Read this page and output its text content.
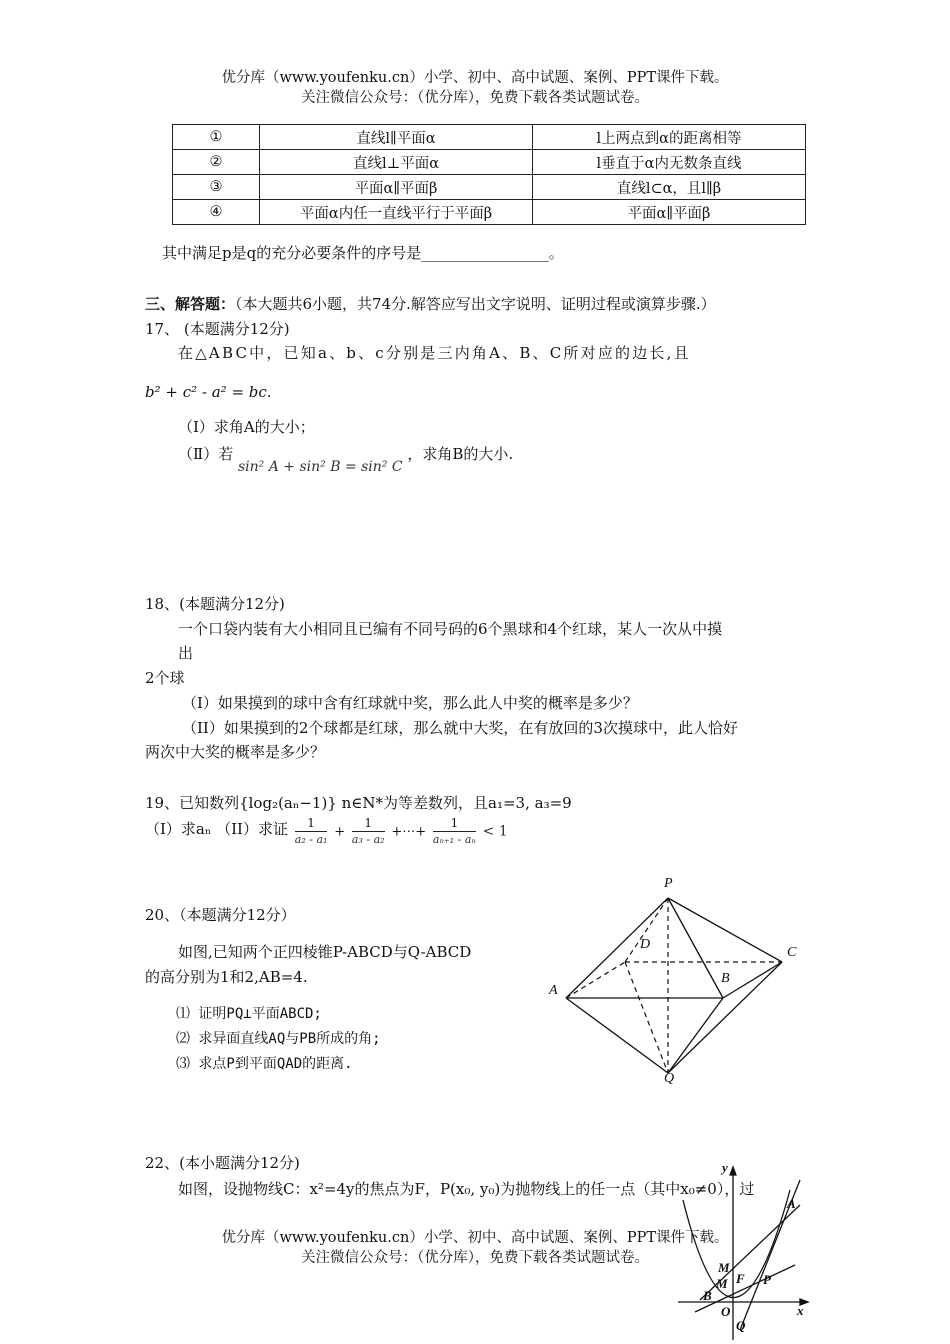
优分库（www.youfenku.cn）小学、初中、高中试题、案例、PPT课件下载。
关注微信公众号：（优分库），免费下载各类试题试卷。
①	直线l∥平面α	l上两点到α的距离相等
②	直线l⊥平面α	l垂直于α内无数条直线
③	平面α∥平面β	直线l⊂α，且l∥β
④	平面α内任一直线平行于平面β	平面α∥平面β
其中满足p是q的充分必要条件的序号是_________________。
三、解答题：（本大题共6小题，共74分.解答应写出文字说明、证明过程或演算步骤.）
17、 (本题满分12分)
在△ABC中，已知a、b、c分别是三内角A、B、C所对应的边长,且
b² + c² - a² = bc.
（Ⅰ）求角A的大小；
（Ⅱ）若 sin² A + sin² B = sin² C ，求角B的大小.
18、(本题满分12分)
一个口袋内装有大小相同且已编有不同号码的6个黑球和4个红球，某人一次从中摸
出
2个球
（I）如果摸到的球中含有红球就中奖，那么此人中奖的概率是多少？
（II）如果摸到的2个球都是红球，那么就中大奖，在有放回的3次摸球中，此人恰好
两次中大奖的概率是多少？
19、已知数列{log₂(aₙ−1)} n∈N*为等差数列，且a₁=3, a₃=9
（I）求aₙ （II）求证 $\frac{1}{\text{a₂ - a₁}} + \frac{1}{\text{a₃ - a₂}}$ +⋯+ $\frac{1}{\text{aₙ₊₁ - aₙ}} < 1$
20、（本题满分12分）
如图,已知两个正四棱锥P-ABCD与Q-ABCD
的高分别为1和2,AB=4.
⑴ 证明PQ⊥平面ABCD;
⑵ 求异面直线AQ与PB所成的角;
⑶ 求点P到平面QAD的距离.
P
D
C
B
A
Q
22、(本小题满分12分)
如图，设抛物线C：x²=4y的焦点为F，P(x₀, y₀)为抛物线上的任一点（其中x₀≠0），过
优分库（www.youfenku.cn）小学、初中、高中试题、案例、PPT课件下载。
关注微信公众号：（优分库），免费下载各类试题试卷。
y
A
M
M F P
B
O	x
Q
